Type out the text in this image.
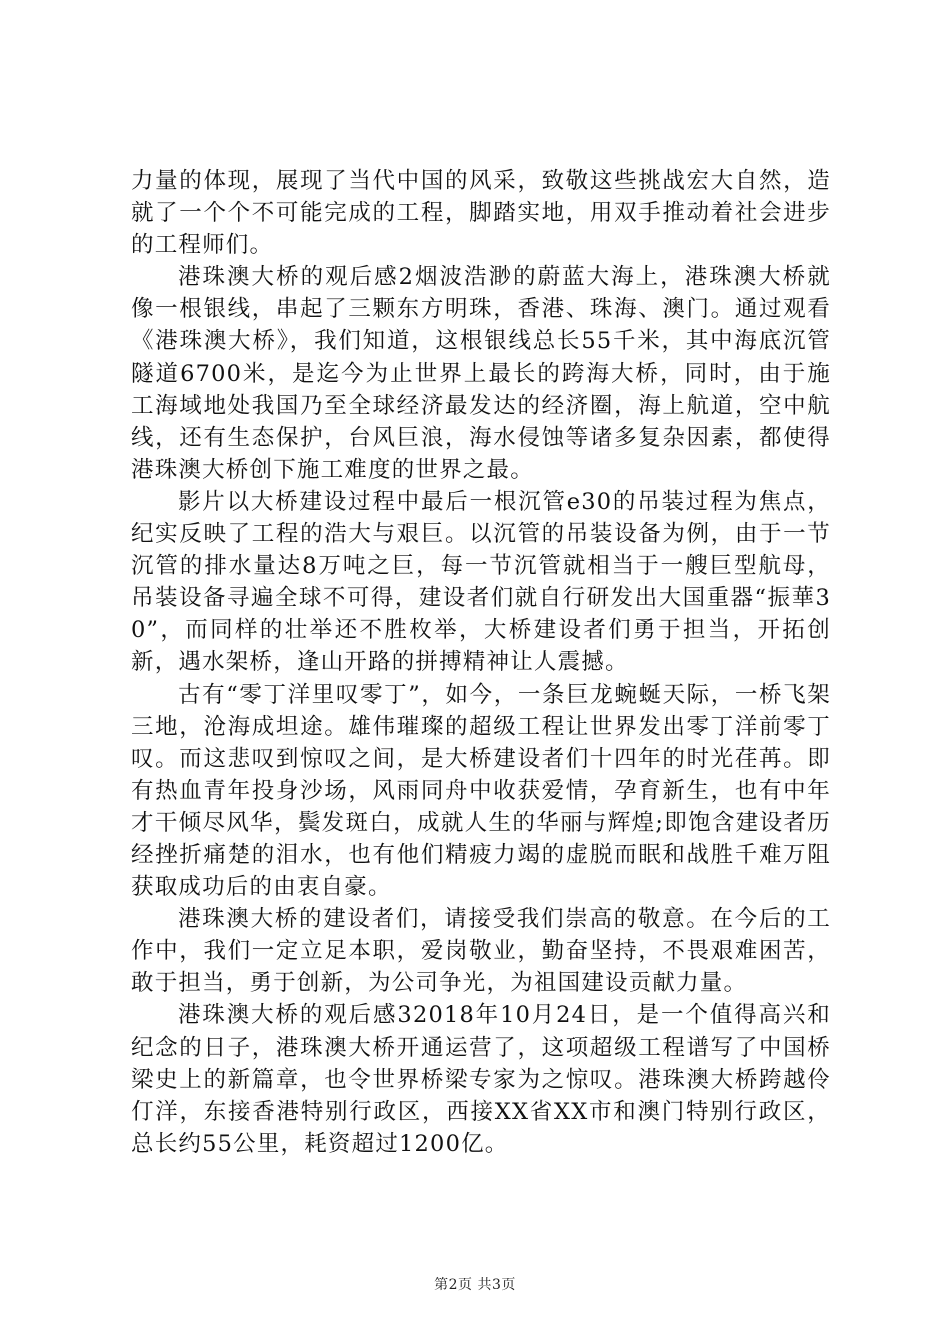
力量的体现，展现了当代中国的风采，致敬这些挑战宏大自然，造就了一个个不可能完成的工程，脚踏实地，用双手推动着社会进步的工程师们。

港珠澳大桥的观后感2烟波浩渺的蔚蓝大海上，港珠澳大桥就像一根银线，串起了三颗东方明珠，香港、珠海、澳门。通过观看《港珠澳大桥》，我们知道，这根银线总长55千米，其中海底沉管隧道6700米，是迄今为止世界上最长的跨海大桥，同时，由于施工海域地处我国乃至全球经济最发达的经济圈，海上航道，空中航线，还有生态保护，台风巨浪，海水侵蚀等诸多复杂因素，都使得港珠澳大桥创下施工难度的世界之最。

影片以大桥建设过程中最后一根沉管e30的吊装过程为焦点，纪实反映了工程的浩大与艰巨。以沉管的吊装设备为例，由于一节沉管的排水量达8万吨之巨，每一节沉管就相当于一艘巨型航母，吊装设备寻遍全球不可得，建设者们就自行研发出大国重器“振華30”，而同样的壮举还不胜枚举，大桥建设者们勇于担当，开拓创新，遇水架桥，逢山开路的拼搏精神让人震撼。

古有“零丁洋里叹零丁”，如今，一条巨龙蜿蜒天际，一桥飞架三地，沧海成坦途。雄伟璀璨的超级工程让世界发出零丁洋前零丁叹。而这悲叹到惊叹之间，是大桥建设者们十四年的时光荏苒。即有热血青年投身沙场，风雨同舟中收获爱情，孕育新生，也有中年才干倾尽风华，鬓发斑白，成就人生的华丽与辉煌;即饱含建设者历经挫折痛楚的泪水，也有他们精疲力竭的虚脱而眠和战胜千难万阻获取成功后的由衷自豪。

港珠澳大桥的建设者们，请接受我们崇高的敬意。在今后的工作中，我们一定立足本职，爱岗敬业，勤奋坚持，不畏艰难困苦，敢于担当，勇于创新，为公司争光，为祖国建设贡献力量。

港珠澳大桥的观后感32018年10月24日，是一个值得高兴和纪念的日子，港珠澳大桥开通运营了，这项超级工程谱写了中国桥梁史上的新篇章，也令世界桥梁专家为之惊叹。港珠澳大桥跨越伶仃洋，东接香港特别行政区，西接XX省XX市和澳门特别行政区，总长约55公里，耗资超过1200亿。

第2页 共3页
